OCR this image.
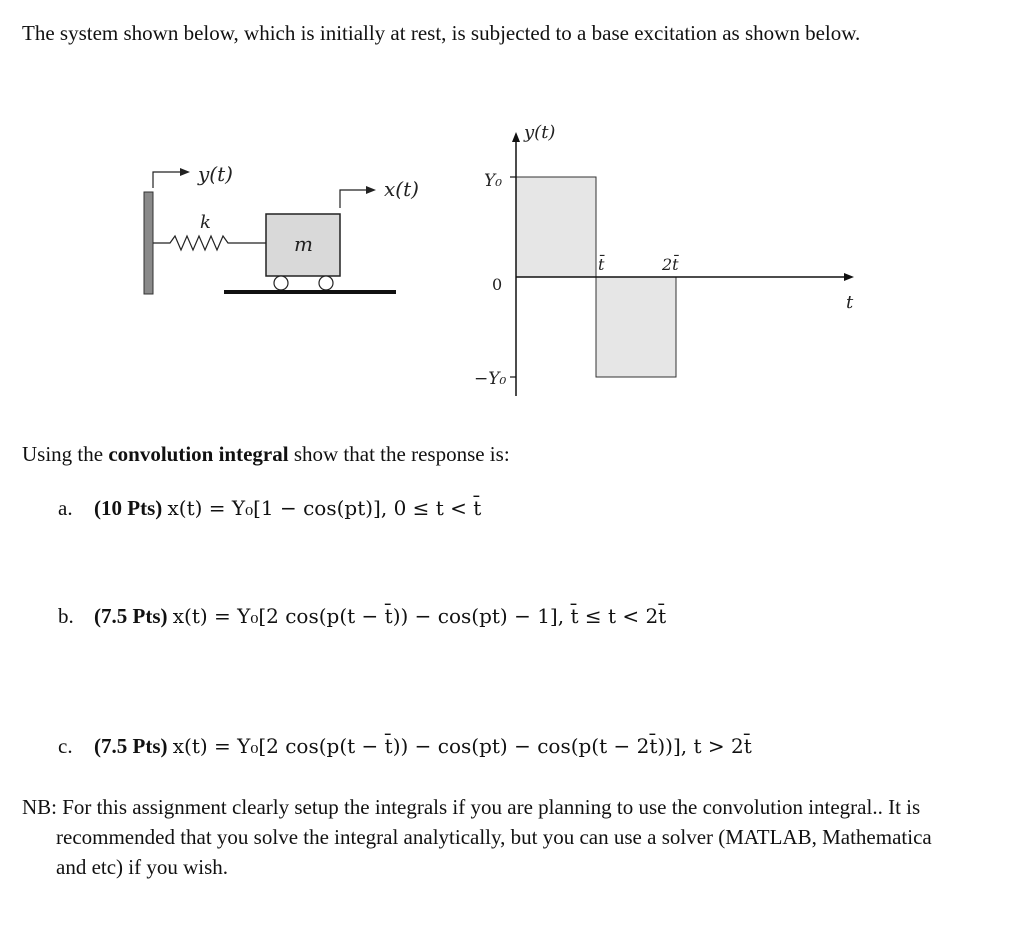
The system shown below, which is initially at rest, is subjected to a base excitation as shown below.
y(t)
k
m
x(t)
y(t)
t
Y₀
0
−Y₀
t̄	2t̄
Using the convolution integral show that the response is:
a. (10 Pts) x(t) = Y₀[1 − cos(pt)], 0 ≤ t < t̄
b. (7.5 Pts) x(t) = Y₀[2 cos(p(t − t̄)) − cos(pt) − 1], t̄ ≤ t < 2t̄
c. (7.5 Pts) x(t) = Y₀[2 cos(p(t − t̄)) − cos(pt) − cos(p(t − 2t̄))], t > 2t̄
NB: For this assignment clearly setup the integrals if you are planning to use the convolution integral.. It is recommended that you solve the integral analytically, but you can use a solver (MATLAB, Mathematica and etc) if you wish.
